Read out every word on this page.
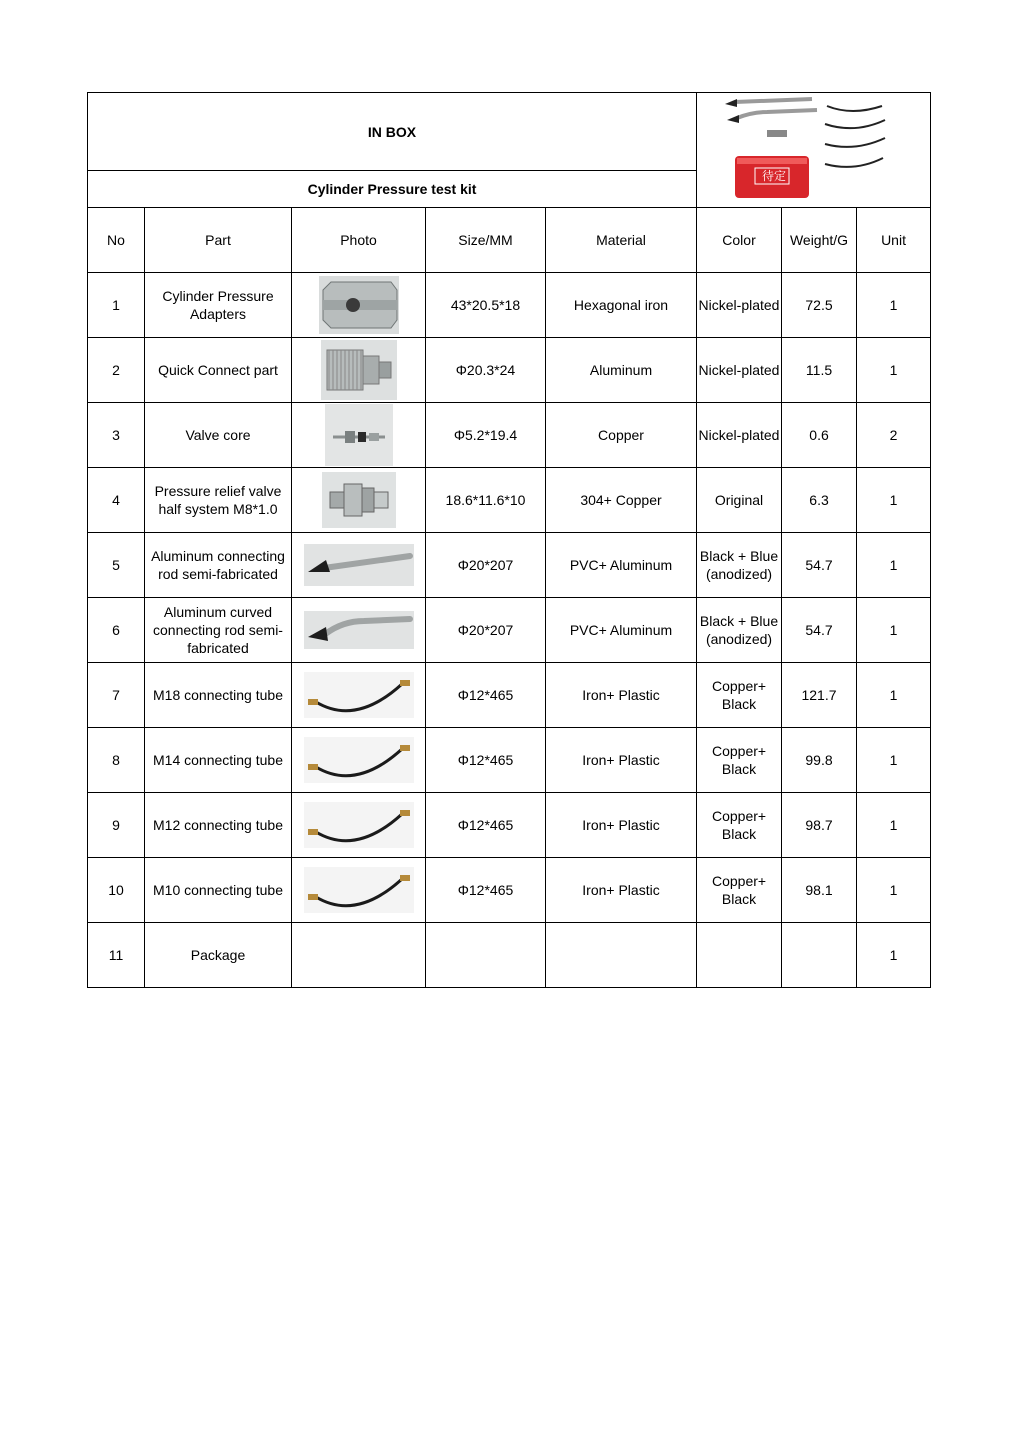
IN BOX					待定		

Cylinder Pressure test kit							
No	Part	Photo	Size/MM	Material	Color	Weight/G	Unit
1	Cylinder Pressure Adapters		43*20.5*18	Hexagonal iron	Nickel-plated	72.5	1
2	Quick Connect part		Φ20.3*24	Aluminum	Nickel-plated	11.5	1
3	Valve core		Φ5.2*19.4	Copper	Nickel-plated	0.6	2
4	Pressure relief valve half system M8*1.0		18.6*11.6*10	304+ Copper	Original	6.3	1
5	Aluminum connecting rod semi-fabricated		Φ20*207	PVC+ Aluminum	Black + Blue (anodized)	54.7	1
6	Aluminum curved connecting rod semi-fabricated		Φ20*207	PVC+ Aluminum	Black + Blue (anodized)	54.7	1
7	M18 connecting tube		Φ12*465	Iron+ Plastic	Copper+ Black	121.7	1
8	M14 connecting tube		Φ12*465	Iron+ Plastic	Copper+ Black	99.8	1
9	M12 connecting tube		Φ12*465	Iron+ Plastic	Copper+ Black	98.7	1
10	M10 connecting tube		Φ12*465	Iron+ Plastic	Copper+ Black	98.1	1
11	Package						1
